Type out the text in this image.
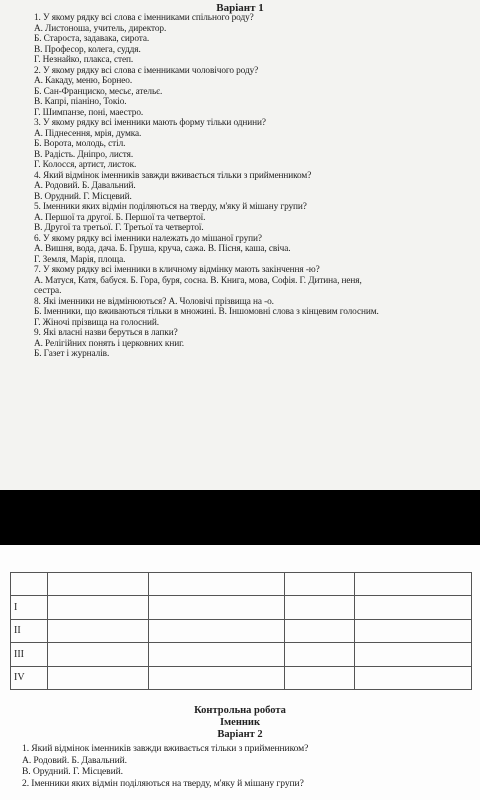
Варіант 1
1. У якому рядку всі слова є іменниками спільного роду?
А. Листоноша, учитель, директор.
Б. Староста, задавака, сирота.
В. Професор, колега, суддя.
Г. Незнайко, плакса, степ.
2. У якому рядку всі слова є іменниками чоловічого роду?
А. Какаду, меню, Борнео.
Б. Сан-Франциско, месьє, ательє.
В. Капрі, піаніно, Токіо.
Г. Шимпанзе, поні, маестро.
3. У якому рядку всі іменники мають форму тільки однини?
А. Піднесення, мрія, думка.
Б. Ворота, молодь, стіл.
В. Радість. Дніпро, листя.
Г. Колосся, артист, листок.
4. Який відмінок іменників завжди вживається тільки з прийменником?
А. Родовий. Б. Давальний.
В. Орудний. Г. Місцевий.
5. Іменники яких відмін поділяються на тверду, м'яку й мішану групи?
А. Першої та другої. Б. Першої та четвертої.
В. Другої та третьої. Г. Третьої та четвертої.
6. У якому рядку всі іменники належать до мішаної групи?
А. Вишня, вода, дача. Б. Груша, круча, сажа. В. Пісня, каша, свіча.
Г. Земля, Марія, площа.
7. У якому рядку всі іменники в кличному відмінку мають закінчення -ю?
А. Матуся, Катя, бабуся. Б. Гора, буря, сосна. В. Книга, мова, Софія. Г. Дитина, неня,
сестра.
8. Які іменники не відмінюються? А. Чоловічі прізвища на -о.
Б. Іменники, що вживаються тільки в множині. В. Іншомовні слова з кінцевим голосним.
Г. Жіночі прізвища на голосний.
9. Які власні назви беруться в лапки?
А. Релігійних понять і церковних книг.
Б. Газет і журналів.

I				
II				
III				
IV				
Контрольна робота
Іменник
Варіант 2
1. Який відмінок іменників завжди вживається тільки з прийменником?
А. Родовий. Б. Давальний.
В. Орудний. Г. Місцевий.
2. Іменники яких відмін поділяються на тверду, м'яку й мішану групи?
